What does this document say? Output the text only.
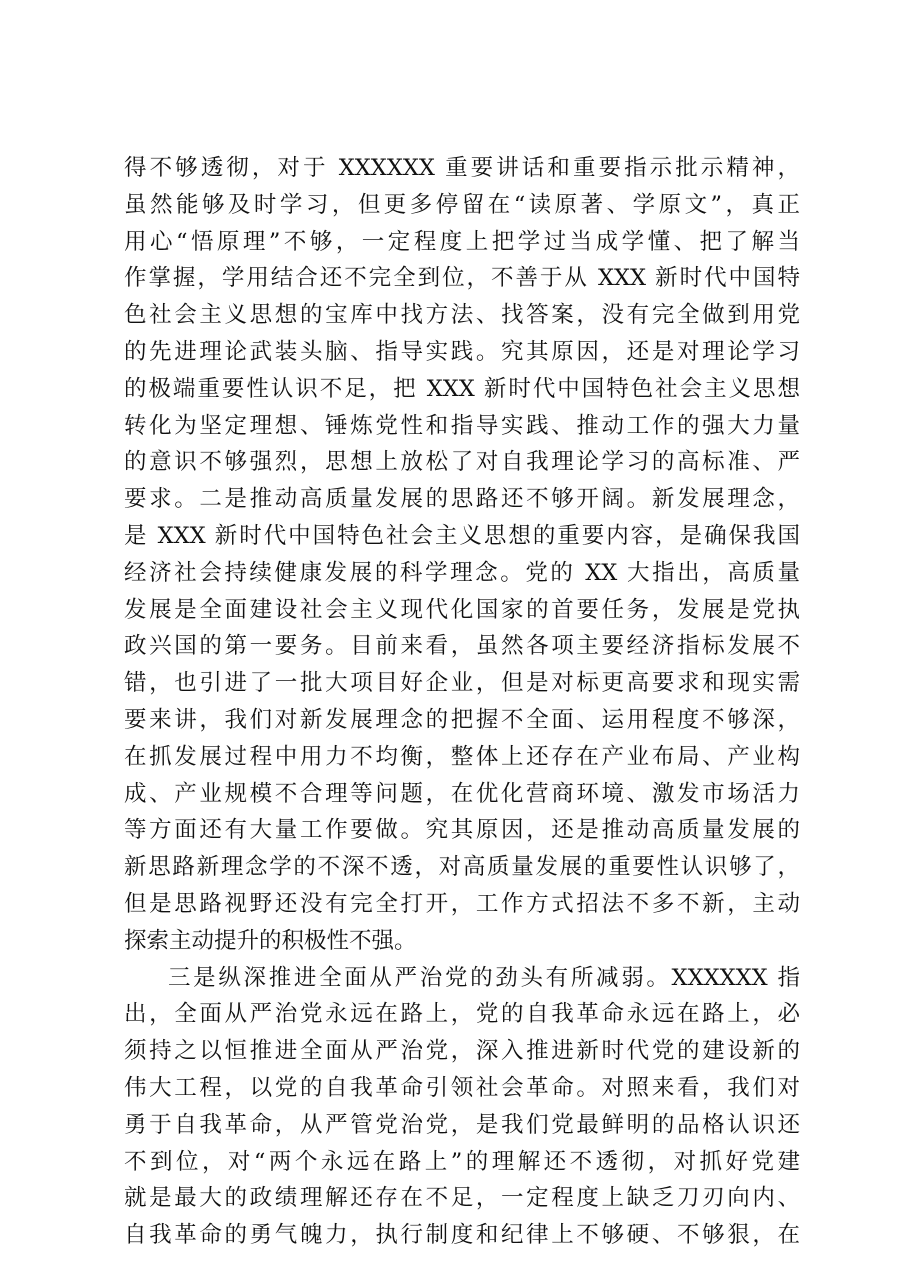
得不够透彻，对于 XXXXXX 重要讲话和重要指示批示精神，
虽然能够及时学习，但更多停留在“读原著、学原文”，真正
用心“悟原理”不够，一定程度上把学过当成学懂、把了解当
作掌握，学用结合还不完全到位，不善于从 XXX 新时代中国特
色社会主义思想的宝库中找方法、找答案，没有完全做到用党
的先进理论武装头脑、指导实践。究其原因，还是对理论学习
的极端重要性认识不足，把 XXX 新时代中国特色社会主义思想
转化为坚定理想、锤炼党性和指导实践、推动工作的强大力量
的意识不够强烈，思想上放松了对自我理论学习的高标准、严
要求。二是推动高质量发展的思路还不够开阔。新发展理念，
是 XXX 新时代中国特色社会主义思想的重要内容，是确保我国
经济社会持续健康发展的科学理念。党的 XX 大指出，高质量
发展是全面建设社会主义现代化国家的首要任务，发展是党执
政兴国的第一要务。目前来看，虽然各项主要经济指标发展不
错，也引进了一批大项目好企业，但是对标更高要求和现实需
要来讲，我们对新发展理念的把握不全面、运用程度不够深，
在抓发展过程中用力不均衡，整体上还存在产业布局、产业构
成、产业规模不合理等问题，在优化营商环境、激发市场活力
等方面还有大量工作要做。究其原因，还是推动高质量发展的
新思路新理念学的不深不透，对高质量发展的重要性认识够了，
但是思路视野还没有完全打开，工作方式招法不多不新，主动
探索主动提升的积极性不强。
三是纵深推进全面从严治党的劲头有所减弱。XXXXXX 指
出，全面从严治党永远在路上，党的自我革命永远在路上，必
须持之以恒推进全面从严治党，深入推进新时代党的建设新的
伟大工程，以党的自我革命引领社会革命。对照来看，我们对
勇于自我革命，从严管党治党，是我们党最鲜明的品格认识还
不到位，对“两个永远在路上”的理解还不透彻，对抓好党建
就是最大的政绩理解还存在不足，一定程度上缺乏刀刃向内、
自我革命的勇气魄力，执行制度和纪律上不够硬、不够狠，在
